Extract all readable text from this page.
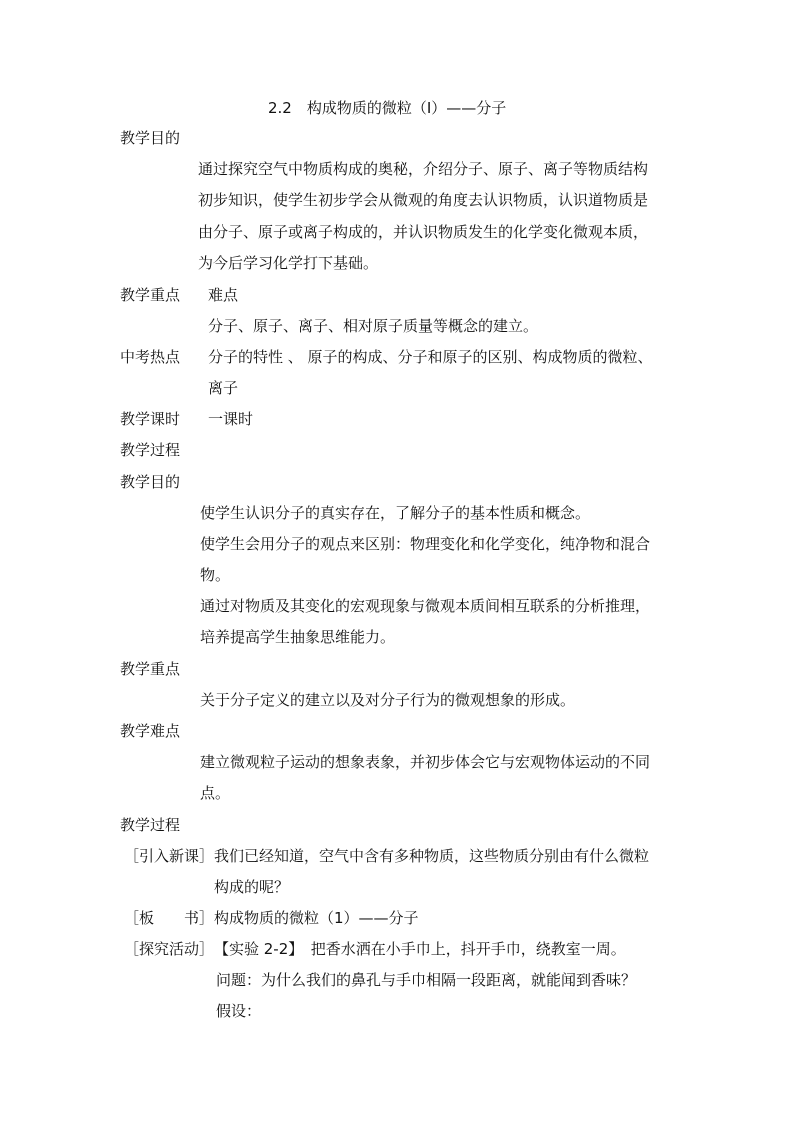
2.2　构成物质的微粒（Ⅰ）——分子
教学目的
通过探究空气中物质构成的奥秘，介绍分子、原子、离子等物质结构
初步知识，使学生初步学会从微观的角度去认识物质，认识道物质是
由分子、原子或离子构成的，并认识物质发生的化学变化微观本质，
为今后学习化学打下基础。
教学重点 难点
分子、原子、离子、相对原子质量等概念的建立。
中考热点 分子的特性 、 原子的构成、分子和原子的区别、构成物质的微粒、
离子
教学课时 一课时
教学过程
教学目的
使学生认识分子的真实存在，了解分子的基本性质和概念。
使学生会用分子的观点来区别：物理变化和化学变化，纯净物和混合
物。
通过对物质及其变化的宏观现象与微观本质间相互联系的分析推理，
培养提高学生抽象思维能力。
教学重点
关于分子定义的建立以及对分子行为的微观想象的形成。
教学难点
建立微观粒子运动的想象表象，并初步体会它与宏观物体运动的不同
点。
教学过程
［引入新课］ 我们已经知道，空气中含有多种物质，这些物质分别由有什么微粒
构成的呢？
［板　　书］ 构成物质的微粒（1）——分子
［探究活动］ 【实验 2-2】　把香水洒在小手巾上，抖开手巾，绕教室一周。
问题：为什么我们的鼻孔与手巾相隔一段距离，就能闻到香味？
假设：
